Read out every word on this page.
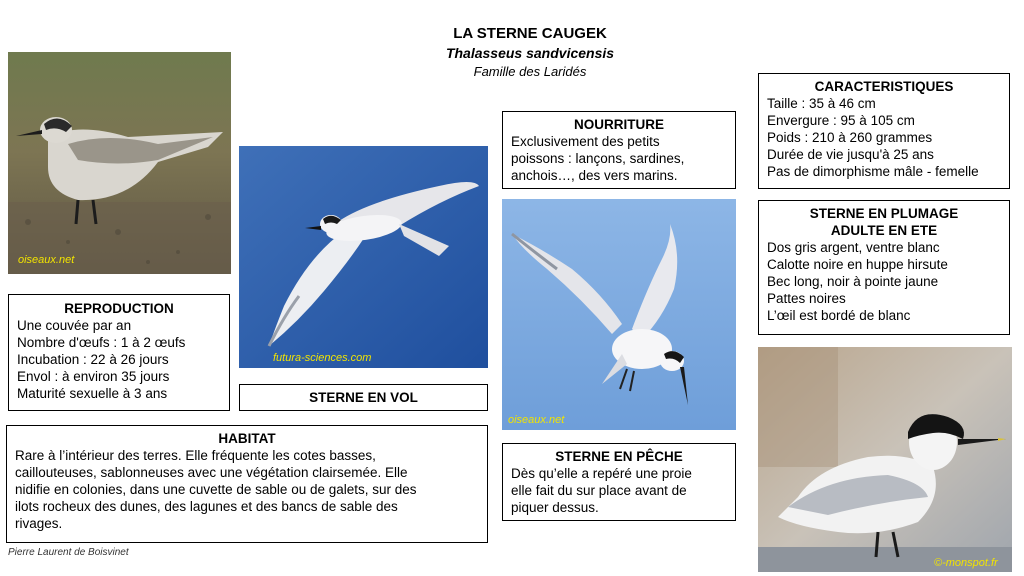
LA STERNE CAUGEK
Thalasseus sandvicensis
Famille des Laridés
oiseaux.net
REPRODUCTION
Une couvée par an
Nombre d'œufs : 1 à 2 œufs
Incubation : 22 à 26 jours
Envol : à environ 35 jours
Maturité sexuelle à 3 ans
futura-sciences.com
STERNE EN VOL
HABITAT
Rare à l’intérieur des terres. Elle fréquente les cotes basses,
caillouteuses, sablonneuses avec une végétation clairsemée. Elle
nidifie en colonies, dans une cuvette de sable ou de galets, sur des
ilots rocheux des dunes, des lagunes et des bancs de sable des
rivages.
Pierre Laurent de Boisvinet
NOURRITURE
Exclusivement des petits
poissons : lançons, sardines,
anchois…, des vers marins.
oiseaux.net
STERNE EN PÊCHE
Dès qu’elle a repéré une proie
elle fait du sur place avant de
piquer dessus.
CARACTERISTIQUES
Taille : 35 à 46 cm
Envergure : 95 à 105 cm
Poids : 210 à 260 grammes
Durée de vie jusqu'à 25 ans
Pas de dimorphisme mâle - femelle
STERNE EN PLUMAGE
ADULTE EN ETE
Dos gris argent, ventre blanc
Calotte noire en huppe hirsute
Bec long, noir à pointe jaune
Pattes noires
L’œil est bordé de blanc
©-monspot.fr
